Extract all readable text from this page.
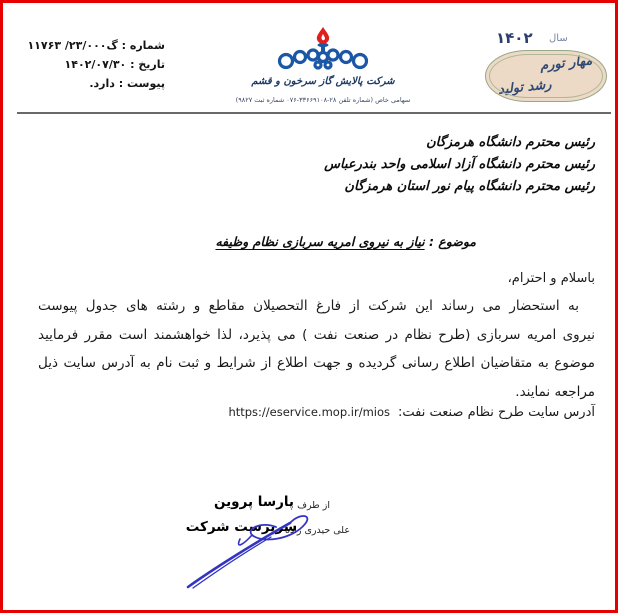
شماره : گ۲۳/۰۰۰/ ۱۱۷۶۳
تاریخ : ۱۴۰۲/۰۷/۳۰
پیوست : دارد.	شرکت پالایش گاز سرخون و قشم
سهامی خاص (شماره تلفن ۲۸-۳۳۶۶۹۱۰۸-۰۷۶ شماره ثبت ۹۸۲۷)
سال
۱۴۰۲
مهار تورم
رشد تولید
رئیس محترم دانشگاه هرمزگان
رئیس محترم دانشگاه آزاد اسلامی واحد بندرعباس
رئیس محترم دانشگاه پیام نور استان هرمزگان
موضوع : نیاز به نیروی امریه سربازی نظام وظیفه
باسلام و احترام،
به استحضار می رساند این شرکت از فارغ التحصیلان مقاطع و رشته های جدول پیوست
نیروی امریه سربازی (طرح نظام در صنعت نفت ) می پذیرد، لذا خواهشمند است مقرر فرمایید
موضوع به متقاضیان اطلاع رسانی گردیده و جهت اطلاع از شرایط و ثبت نام به آدرس سایت ذیل
مراجعه نمایند.
آدرس سایت طرح نظام صنعت نفت:https://eservice.mop.ir/mios
از طرف
پارسا پروین
علی حیدری زاده
سرپرست شرکت
